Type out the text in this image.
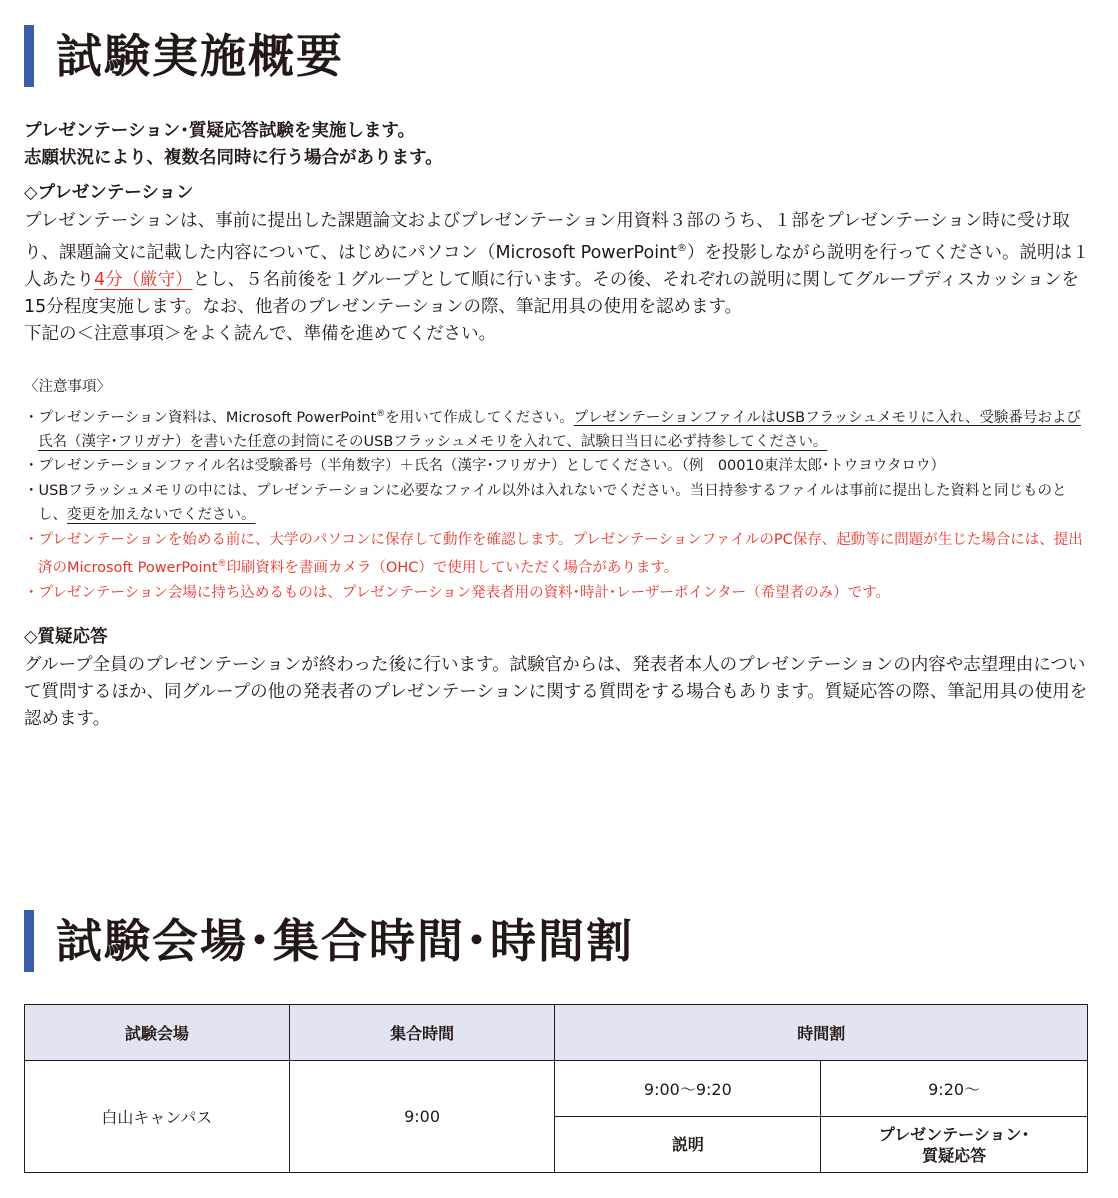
試験実施概要
プレゼンテーション･質疑応答試験を実施します。
志願状況により、複数名同時に行う場合があります。
◇プレゼンテーション
プレゼンテーションは、事前に提出した課題論文およびプレゼンテーション用資料３部のうち、１部をプレゼンテーション時に受け取り、課題論文に記載した内容について、はじめにパソコン（Microsoft PowerPoint®）を投影しながら説明を行ってください。説明は１人あたり4分（厳守）とし、５名前後を１グループとして順に行います。その後、それぞれの説明に関してグループディスカッションを15分程度実施します。なお、他者のプレゼンテーションの際、筆記用具の使用を認めます。
下記の＜注意事項＞をよく読んで、準備を進めてください。
〈注意事項〉
・プレゼンテーション資料は、Microsoft PowerPoint®を用いて作成してください。プレゼンテーションファイルはUSBフラッシュメモリに入れ、受験番号および氏名（漢字･フリガナ）を書いた任意の封筒にそのUSBフラッシュメモリを入れて、試験日当日に必ず持参してください。
・プレゼンテーションファイル名は受験番号（半角数字）＋氏名（漢字･フリガナ）としてください。（例　00010東洋太郎･トウヨウタロウ）
・USBフラッシュメモリの中には、プレゼンテーションに必要なファイル以外は入れないでください。当日持参するファイルは事前に提出した資料と同じものとし、変更を加えないでください。
・プレゼンテーションを始める前に、大学のパソコンに保存して動作を確認します。プレゼンテーションファイルのPC保存、起動等に問題が生じた場合には、提出済のMicrosoft PowerPoint®印刷資料を書画カメラ（OHC）で使用していただく場合があります。
・プレゼンテーション会場に持ち込めるものは、プレゼンテーション発表者用の資料･時計･レーザーポインター（希望者のみ）です。
◇質疑応答
グループ全員のプレゼンテーションが終わった後に行います。試験官からは、発表者本人のプレゼンテーションの内容や志望理由について質問するほか、同グループの他の発表者のプレゼンテーションに関する質問をする場合もあります。質疑応答の際、筆記用具の使用を認めます。
試験会場･集合時間･時間割
試験会場	集合時間	時間割	
白山キャンパス	9:00	9:00〜9:20	9:20〜
		説明	プレゼンテーション･
質疑応答
